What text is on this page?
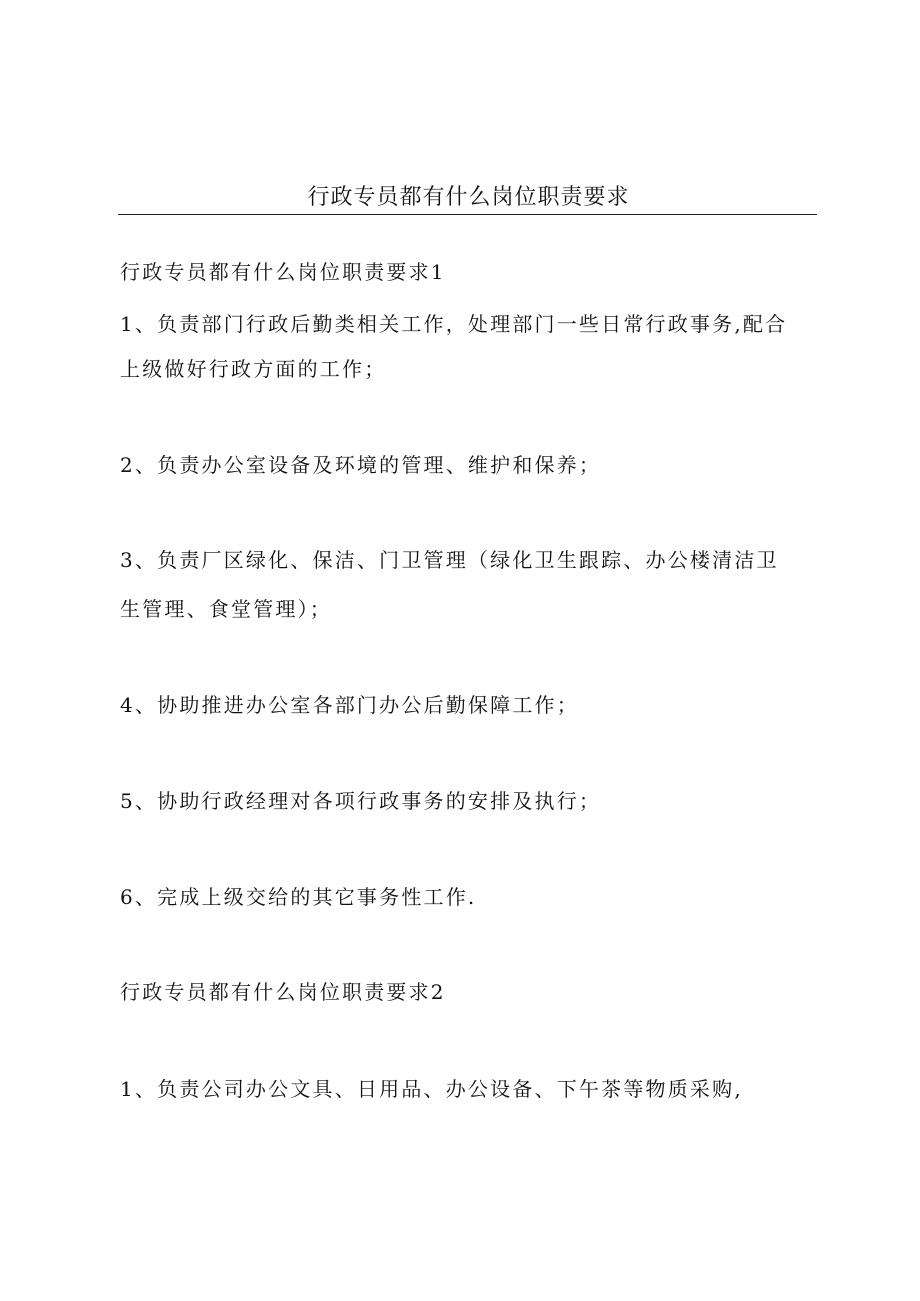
行政专员都有什么岗位职责要求
行政专员都有什么岗位职责要求1
1、负责部门行政后勤类相关工作，处理部门一些日常行政事务,配合
上级做好行政方面的工作；
2、负责办公室设备及环境的管理、维护和保养；
3、负责厂区绿化、保洁、门卫管理（绿化卫生跟踪、办公楼清洁卫
生管理、食堂管理）；
4、协助推进办公室各部门办公后勤保障工作；
5、协助行政经理对各项行政事务的安排及执行；
6、完成上级交给的其它事务性工作.
行政专员都有什么岗位职责要求2
1、负责公司办公文具、日用品、办公设备、下午茶等物质采购,
